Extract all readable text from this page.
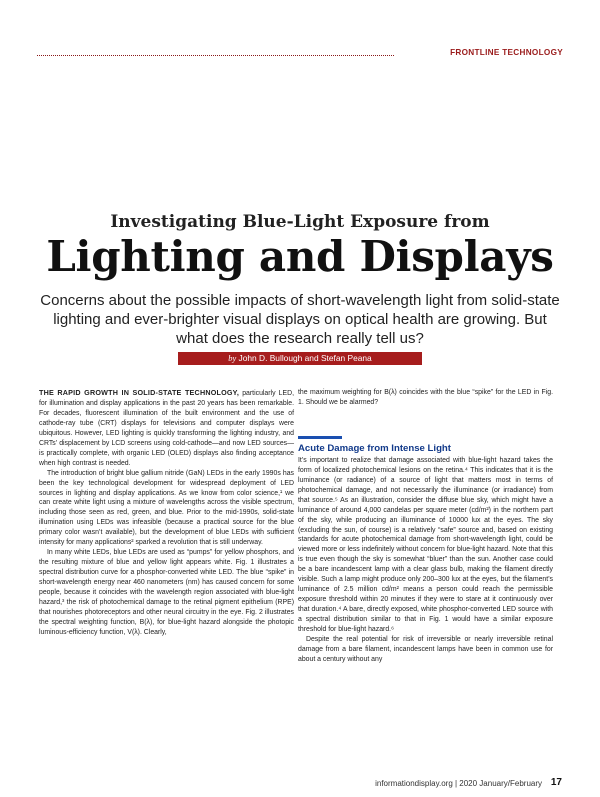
FRONTLINE TECHNOLOGY
Investigating Blue-Light Exposure from
Lighting and Displays
Concerns about the possible impacts of short-wavelength light from solid-state lighting and ever-brighter visual displays on optical health are growing. But what does the research really tell us?
by John D. Bullough and Stefan Peana

THE RAPID GROWTH IN SOLID-STATE TECHNOLOGY, particularly LED, for illumination and display applications in the past 20 years has been remarkable. For decades, fluorescent illumination of the built environment and the use of cathode-ray tube (CRT) displays for televisions and computer displays were ubiquitous. However, LED lighting is quickly transforming the lighting industry, and CRTs’ displacement by LCD screens using cold-cathode—and now LED sources—is practically complete, with organic LED (OLED) displays also finding acceptance when high contrast is needed.

The introduction of bright blue gallium nitride (GaN) LEDs in the early 1990s has been the key technological development for widespread deployment of LED sources in lighting and display applications. As we know from color science,¹ we can create white light using a mixture of wavelengths across the visible spectrum, including those seen as red, green, and blue. Prior to the mid-1990s, solid-state illumination using LEDs was infeasible (because a practical source for the blue primary color wasn’t available), but the development of blue LEDs with sufficient intensity for many applications² sparked a revolution that is still underway.

In many white LEDs, blue LEDs are used as “pumps” for yellow phosphors, and the resulting mixture of blue and yellow light appears white. Fig. 1 illustrates a spectral distribution curve for a phosphor-converted white LED. The blue “spike” in short-wavelength energy near 460 nanometers (nm) has caused concern for some people, because it coincides with the wavelength region associated with blue-light hazard,³ the risk of photochemical damage to the retinal pigment epithelium (RPE) that nourishes photoreceptors and other neural circuitry in the eye. Fig. 2 illustrates the spectral weighting function, B(λ), for blue-light hazard alongside the photopic luminous-efficiency function, V(λ). Clearly,

the maximum weighting for B(λ) coincides with the blue “spike” for the LED in Fig. 1. Should we be alarmed?

Acute Damage from Intense Light

It’s important to realize that damage associated with blue-light hazard takes the form of localized photochemical lesions on the retina.⁴ This indicates that it is the luminance (or radiance) of a source of light that matters most in terms of photochemical damage, and not necessarily the illuminance (or irradiance) from that source.⁵ As an illustration, consider the diffuse blue sky, which might have a luminance of around 4,000 candelas per square meter (cd/m²) in the northern part of the sky, while producing an illuminance of 10000 lux at the eyes. The sky (excluding the sun, of course) is a relatively “safe” source and, based on existing standards for acute photochemical damage from short-wavelength light, could be viewed more or less indefinitely without concern for blue-light hazard. Note that this is true even though the sky is somewhat “bluer” than the sun. Another case could be a bare incandescent lamp with a clear glass bulb, making the filament directly visible. Such a lamp might produce only 200–300 lux at the eyes, but the filament’s luminance of 2.5 million cd/m² means a person could reach the permissible exposure threshold within 20 minutes if they were to stare at it continuously over that duration.⁴ A bare, directly exposed, white phosphor-converted LED source with a spectral distribution similar to that in Fig. 1 would have a similar exposure threshold for blue-light hazard.⁶

Despite the real potential for risk of irreversible or nearly irreversible retinal damage from a bare filament, incandescent lamps have been in common use for about a century without any

informationdisplay.org | 2020 January/February 17
